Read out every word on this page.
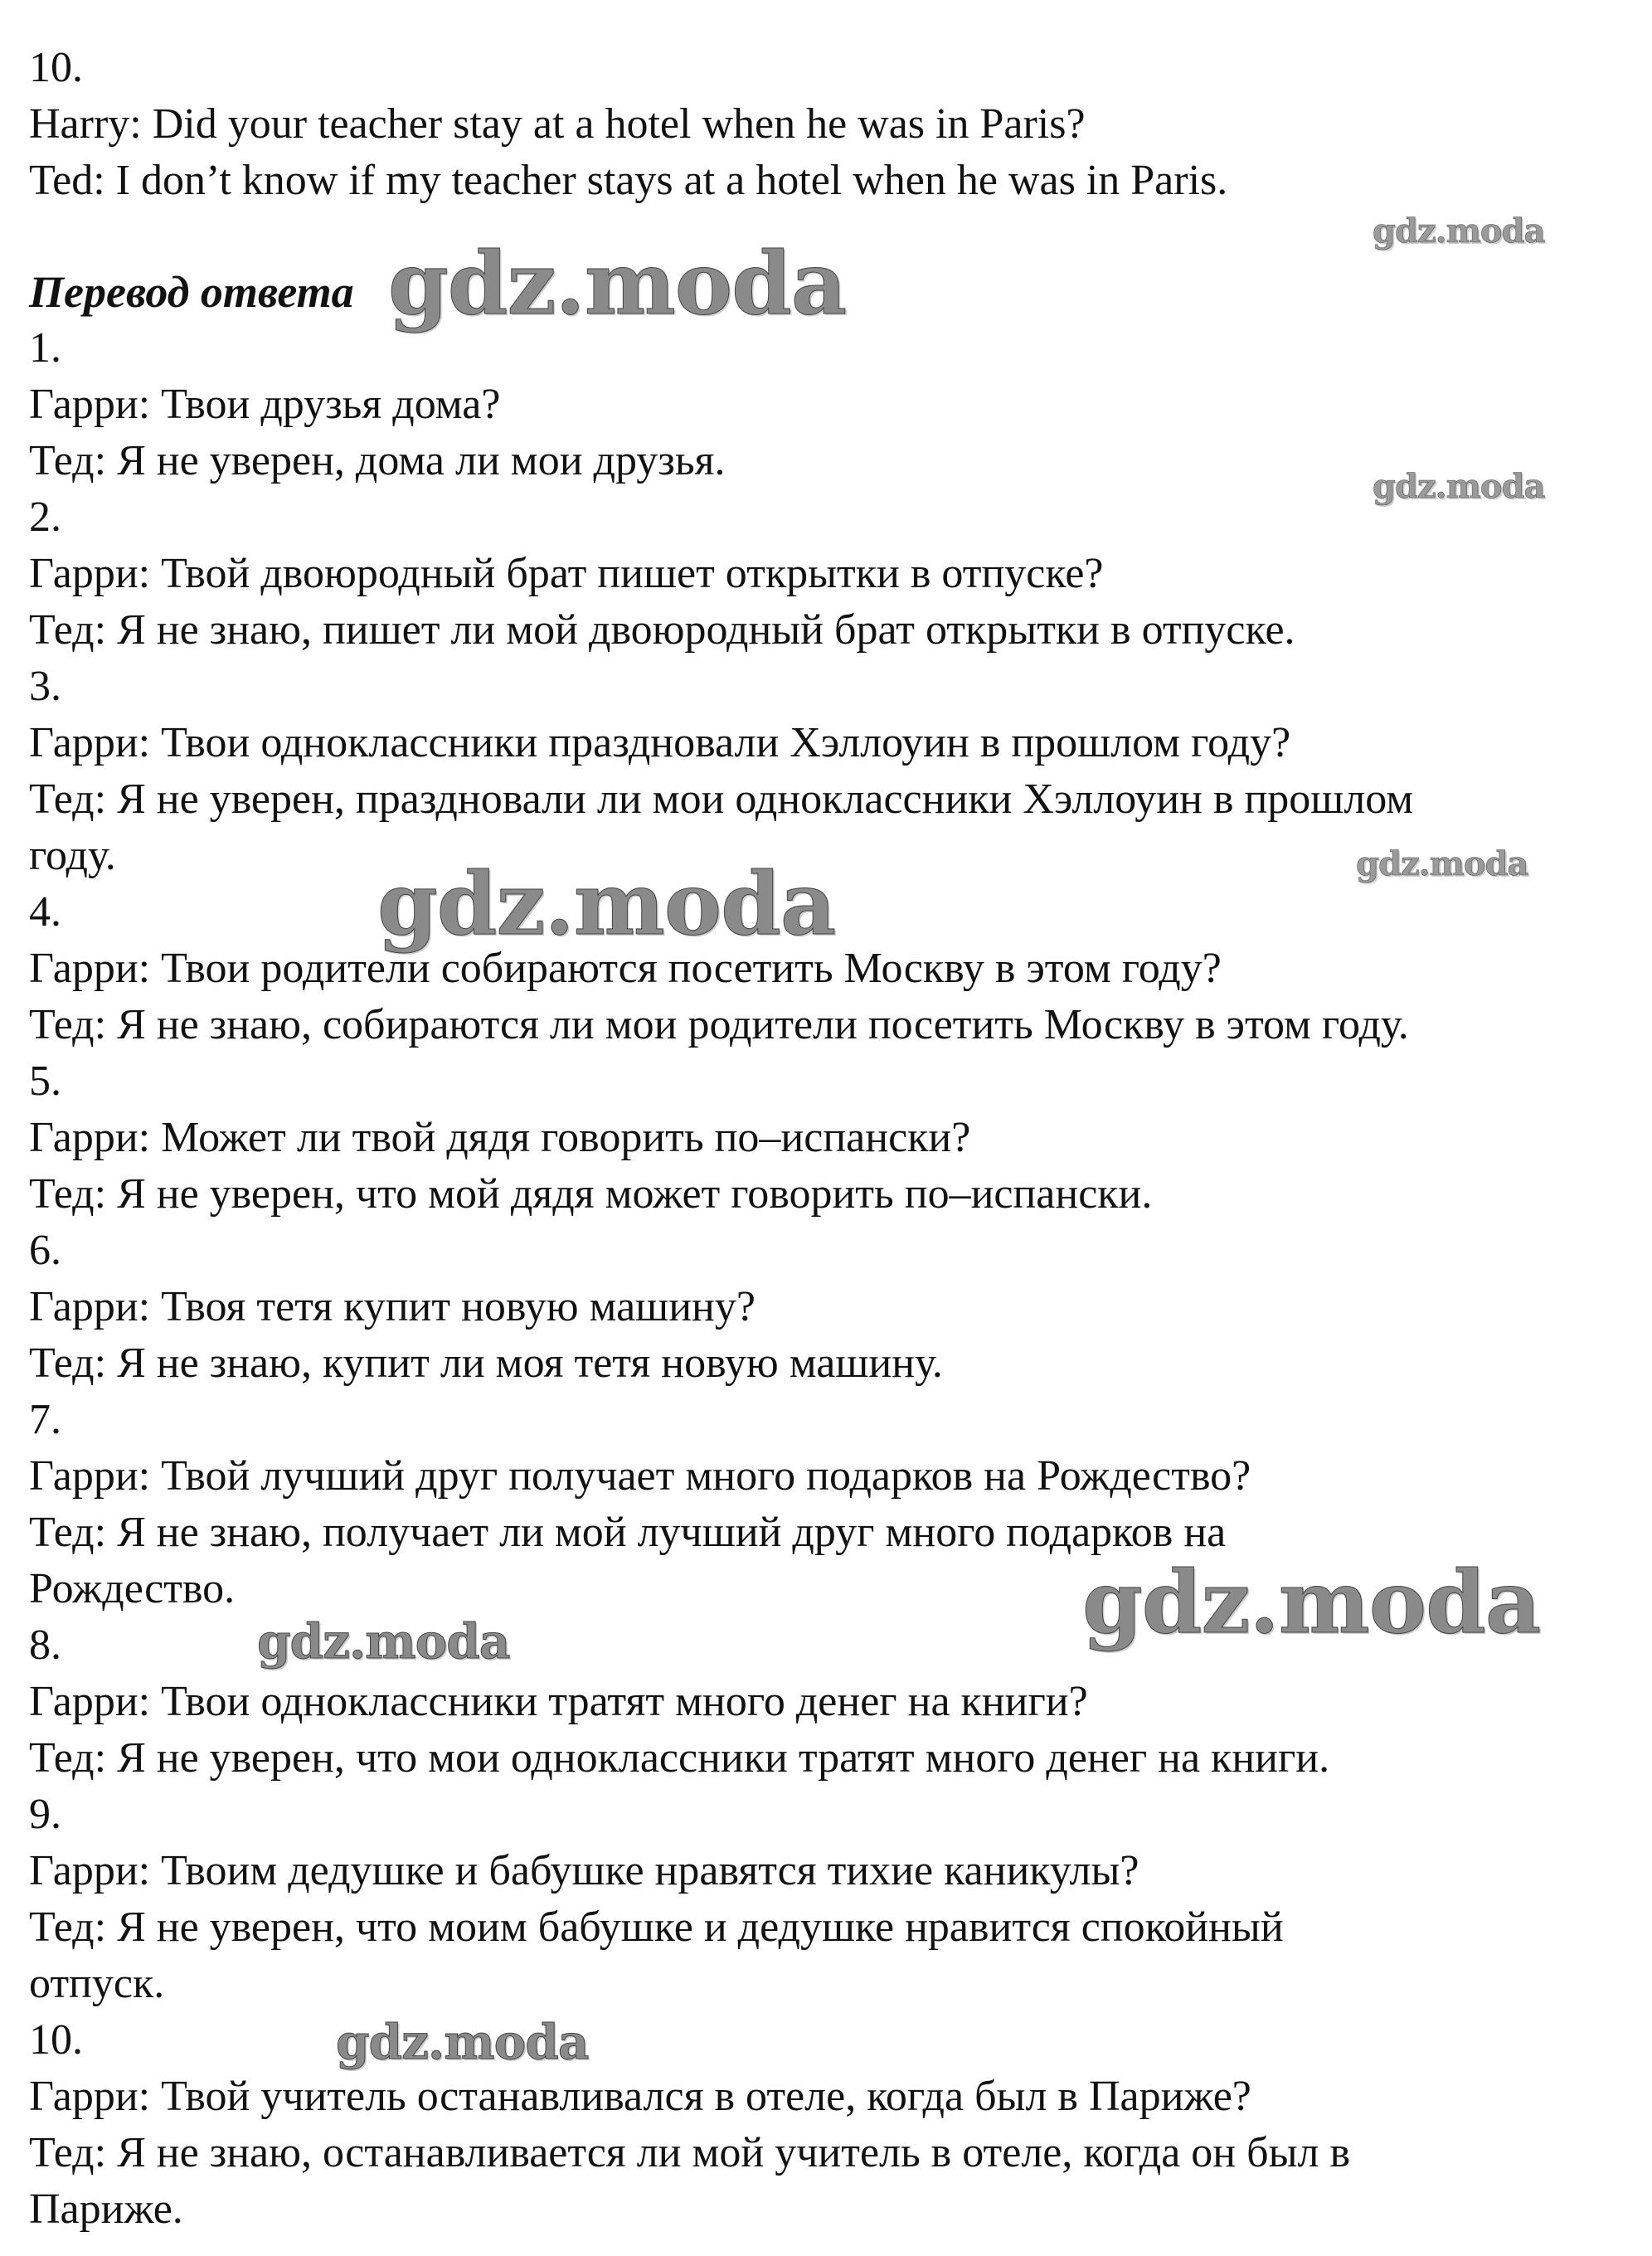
10.
Harry: Did your teacher stay at a hotel when he was in Paris?
Ted: I don’t know if my teacher stays at a hotel when he was in Paris.
Перевод ответа
1.
Гарри: Твои друзья дома?
Тед: Я не уверен, дома ли мои друзья.
2.
Гарри: Твой двоюродный брат пишет открытки в отпуске?
Тед: Я не знаю, пишет ли мой двоюродный брат открытки в отпуске.
3.
Гарри: Твои одноклассники праздновали Хэллоуин в прошлом году?
Тед: Я не уверен, праздновали ли мои одноклассники Хэллоуин в прошлом
году.
4.
Гарри: Твои родители собираются посетить Москву в этом году?
Тед: Я не знаю, собираются ли мои родители посетить Москву в этом году.
5.
Гарри: Может ли твой дядя говорить по–испански?
Тед: Я не уверен, что мой дядя может говорить по–испански.
6.
Гарри: Твоя тетя купит новую машину?
Тед: Я не знаю, купит ли моя тетя новую машину.
7.
Гарри: Твой лучший друг получает много подарков на Рождество?
Тед: Я не знаю, получает ли мой лучший друг много подарков на
Рождество.
8.
Гарри: Твои одноклассники тратят много денег на книги?
Тед: Я не уверен, что мои одноклассники тратят много денег на книги.
9.
Гарри: Твоим дедушке и бабушке нравятся тихие каникулы?
Тед: Я не уверен, что моим бабушке и дедушке нравится спокойный
отпуск.
10.
Гарри: Твой учитель останавливался в отеле, когда был в Париже?
Тед: Я не знаю, останавливается ли мой учитель в отеле, когда он был в
Париже.
gdz.moda
gdz.moda
gdz.moda
gdz.moda
gdz.moda
gdz.moda
gdz.moda
gdz.moda
